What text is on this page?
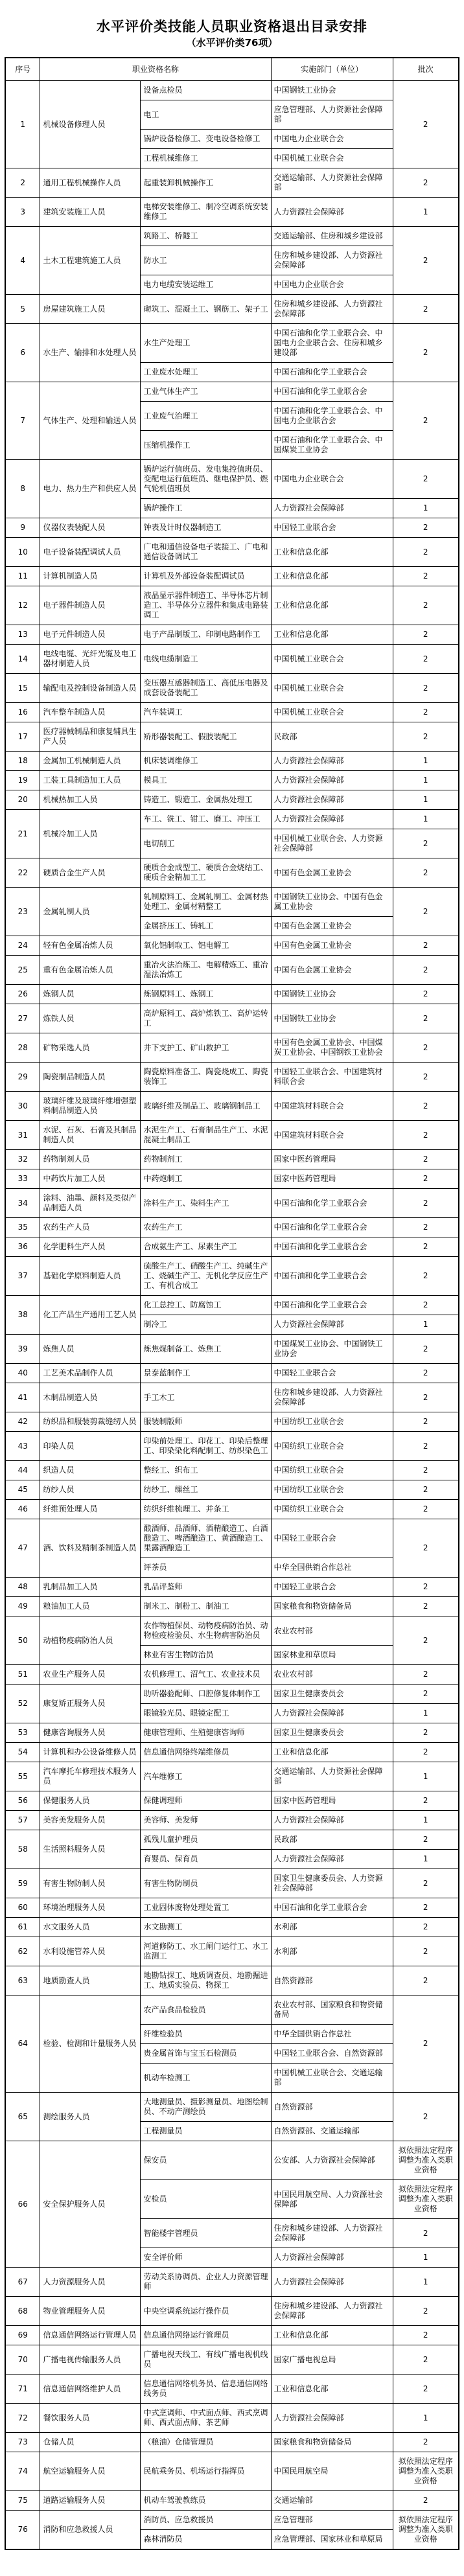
水平评价类技能人员职业资格退出目录安排
（水平评价类76项）
序号	职业资格名称		实施部门（单位）	批次
1	机械设备修理人员	设备点检员	中国钢铁工业协会	2
		电工	应急管理部、人力资源社会保障部	
		锅炉设备检修工、变电设备检修工	中国电力企业联合会	
		工程机械维修工	中国机械工业联合会	
2	通用工程机械操作人员	起重装卸机械操作工	交通运输部、人力资源社会保障部	2
3	建筑安装施工人员	电梯安装维修工、制冷空调系统安装维修工	人力资源社会保障部	1
4	土木工程建筑施工人员	筑路工、桥隧工	交通运输部、住房和城乡建设部	2
		防水工	住房和城乡建设部、人力资源社会保障部	
		电力电缆安装运维工	中国电力企业联合会	
5	房屋建筑施工人员	砌筑工、混凝土工、钢筋工、架子工	住房和城乡建设部、人力资源社会保障部	2
6	水生产、输排和水处理人员	水生产处理工	中国石油和化学工业联合会、中国电力企业联合会、住房和城乡建设部	2
		工业废水处理工	中国石油和化学工业联合会	
7	气体生产、处理和输送人员	工业气体生产工	中国石油和化学工业联合会	2
		工业废气治理工	中国石油和化学工业联合会、中国电力企业联合会	
		压缩机操作工	中国石油和化学工业联合会、中国煤炭工业协会	
8	电力、热力生产和供应人员	锅炉运行值班员、发电集控值班员、变配电运行值班员、继电保护员、燃气轮机值班员	中国电力企业联合会	2
		锅炉操作工	人力资源社会保障部	1
9	仪器仪表装配人员	钟表及计时仪器制造工	中国轻工业联合会	2
10	电子设备装配调试人员	广电和通信设备电子装接工、广电和通信设备调试工	工业和信息化部	2
11	计算机制造人员	计算机及外部设备装配调试员	工业和信息化部	2
12	电子器件制造人员	液晶显示器件制造工、半导体芯片制造工、半导体分立器件和集成电路装调工	工业和信息化部	2
13	电子元件制造人员	电子产品制版工、印制电路制作工	工业和信息化部	2
14	电线电缆、光纤光缆及电工器材制造人员	电线电缆制造工	中国机械工业联合会	2
15	输配电及控制设备制造人员	变压器互感器制造工、高低压电器及成套设备装配工	中国机械工业联合会	2
16	汽车整车制造人员	汽车装调工	中国机械工业联合会	2
17	医疗器械制品和康复辅具生产人员	矫形器装配工、假肢装配工	民政部	2
18	金属加工机械制造人员	机床装调维修工	人力资源社会保障部	1
19	工装工具制造加工人员	模具工	人力资源社会保障部	1
20	机械热加工人员	铸造工、锻造工、金属热处理工	人力资源社会保障部	1
21	机械冷加工人员	车工、铣工、钳工、磨工、冲压工	人力资源社会保障部	1
		电切削工	中国机械工业联合会、人力资源社会保障部	2
22	硬质合金生产人员	硬质合金成型工、硬质合金烧结工、硬质合金精加工工	中国有色金属工业协会	2
23	金属轧制人员	轧制原料工、金属轧制工、金属材热处理工、金属材精整工	中国钢铁工业协会、中国有色金属工业协会	2
		金属挤压工、铸轧工	中国有色金属工业协会	
24	轻有色金属冶炼人员	氧化铝制取工、铝电解工	中国有色金属工业协会	2
25	重有色金属冶炼人员	重冶火法冶炼工、电解精炼工、重冶湿法冶炼工	中国有色金属工业协会	2
26	炼钢人员	炼钢原料工、炼钢工	中国钢铁工业协会	2
27	炼铁人员	高炉原料工、高炉炼铁工、高炉运转工	中国钢铁工业协会	2
28	矿物采选人员	井下支护工、矿山救护工	中国有色金属工业协会、中国煤炭工业协会、中国钢铁工业协会	2
29	陶瓷制品制造人员	陶瓷原料准备工、陶瓷烧成工、陶瓷装饰工	中国轻工业联合会、中国建筑材料联合会	2
30	玻璃纤维及玻璃纤维增强塑料制品制造人员	玻璃纤维及制品工、玻璃钢制品工	中国建筑材料联合会	2
31	水泥、石灰、石膏及其制品制造人员	水泥生产工、石膏制品生产工、水泥混凝土制品工	中国建筑材料联合会	2
32	药物制剂人员	药物制剂工	国家中医药管理局	2
33	中药饮片加工人员	中药炮制工	国家中医药管理局	2
34	涂料、油墨、颜料及类似产品制造人员	涂料生产工、染料生产工	中国石油和化学工业联合会	2
35	农药生产人员	农药生产工	中国石油和化学工业联合会	2
36	化学肥料生产人员	合成氨生产工、尿素生产工	中国石油和化学工业联合会	2
37	基础化学原料制造人员	硫酸生产工、硝酸生产工、纯碱生产工、烧碱生产工、无机化学反应生产工、有机合成工	中国石油和化学工业联合会	2
38	化工产品生产通用工艺人员	化工总控工、防腐蚀工	中国石油和化学工业联合会	2
		制冷工	人力资源社会保障部	1
39	炼焦人员	炼焦煤制备工、炼焦工	中国煤炭工业协会、中国钢铁工业协会	2
40	工艺美术品制作人员	景泰蓝制作工	中国轻工业联合会	2
41	木制品制造人员	手工木工	住房和城乡建设部、人力资源社会保障部	2
42	纺织品和服装剪裁缝纫人员	服装制版师	中国纺织工业联合会	2
43	印染人员	印染前处理工、印花工、印染后整理工、印染染化料配制工、纺织染色工	中国纺织工业联合会	2
44	织造人员	整经工、织布工	中国纺织工业联合会	2
45	纺纱人员	纺纱工、缫丝工	中国纺织工业联合会	2
46	纤维预处理人员	纺织纤维梳理工、并条工	中国纺织工业联合会	2
47	酒、饮料及精制茶制造人员	酿酒师、品酒师、酒精酿造工、白酒酿造工、啤酒酿造工、黄酒酿造工、果露酒酿造工	中国轻工业联合会	2
		评茶员	中华全国供销合作总社	
48	乳制品加工人员	乳品评鉴师	中国轻工业联合会	2
49	粮油加工人员	制米工、制粉工、制油工	国家粮食和物资储备局	2
50	动植物疫病防治人员	农作物植保员、动物疫病防治员、动物检疫检验员、水生物病害防治员	农业农村部	2
		林业有害生物防治员	国家林业和草原局	
51	农业生产服务人员	农机修理工、沼气工、农业技术员	农业农村部	2
52	康复矫正服务人员	助听器验配师、口腔修复体制作工	国家卫生健康委员会	2
		眼镜验光员、眼镜定配工	人力资源社会保障部	1
53	健康咨询服务人员	健康管理师、生殖健康咨询师	国家卫生健康委员会	2
54	计算机和办公设备维修人员	信息通信网络终端维修员	工业和信息化部	2
55	汽车摩托车修理技术服务人员	汽车维修工	交通运输部、人力资源社会保障部	1
56	保健服务人员	保健调理师	国家中医药管理局	2
57	美容美发服务人员	美容师、美发师	人力资源社会保障部	1
58	生活照料服务人员	孤残儿童护理员	民政部	2
		育婴员、保育员	人力资源社会保障部	1
59	有害生物防制人员	有害生物防制员	国家卫生健康委员会、人力资源社会保障部	2
60	环境治理服务人员	工业固体废物处理处置工	中国石油和化学工业联合会	2
61	水文服务人员	水文勘测工	水利部	2
62	水利设施管养人员	河道修防工、水工闸门运行工、水工监测工	水利部	2
63	地质勘查人员	地勘钻探工、地质调查员、地勘掘进工、地质实验员、物探工	自然资源部	2
64	检验、检测和计量服务人员	农产品食品检验员	农业农村部、国家粮食和物资储备局	2
		纤维检验员	中华全国供销合作总社	
		贵金属首饰与宝玉石检测员	中国轻工业联合会、自然资源部	
		机动车检测工	中国机械工业联合会、交通运输部	
65	测绘服务人员	大地测量员、摄影测量员、地图绘制员、不动产测绘员	自然资源部	2
		工程测量员	自然资源部、交通运输部	
66	安全保护服务人员	保安员	公安部、人力资源社会保障部	拟依照法定程序调整为准入类职业资格
		安检员	中国民用航空局、人力资源社会保障部	拟依照法定程序调整为准入类职业资格
		智能楼宇管理员	住房和城乡建设部、人力资源社会保障部	2
		安全评价师	人力资源社会保障部	1
67	人力资源服务人员	劳动关系协调员、企业人力资源管理师	人力资源社会保障部	1
68	物业管理服务人员	中央空调系统运行操作员	住房和城乡建设部、人力资源社会保障部	2
69	信息通信网络运行管理人员	信息通信网络运行管理员	工业和信息化部	2
70	广播电视传输服务人员	广播电视天线工、有线广播电视机线员	国家广播电视总局	2
71	信息通信网络维护人员	信息通信网络机务员、信息通信网络线务员	工业和信息化部	2
72	餐饮服务人员	中式烹调师、中式面点师、西式烹调师、西式面点师、茶艺师	人力资源社会保障部	1
73	仓储人员	（粮油）仓储管理员	国家粮食和物资储备局	2
74	航空运输服务人员	民航乘务员、机场运行指挥员	中国民用航空局	拟依照法定程序调整为准入类职业资格
75	道路运输服务人员	机动车驾驶教练员	交通运输部	2
76	消防和应急救援人员	消防员、应急救援员	应急管理部	拟依照法定程序调整为准入类职业资格
		森林消防员	应急管理部、国家林业和草原局	
